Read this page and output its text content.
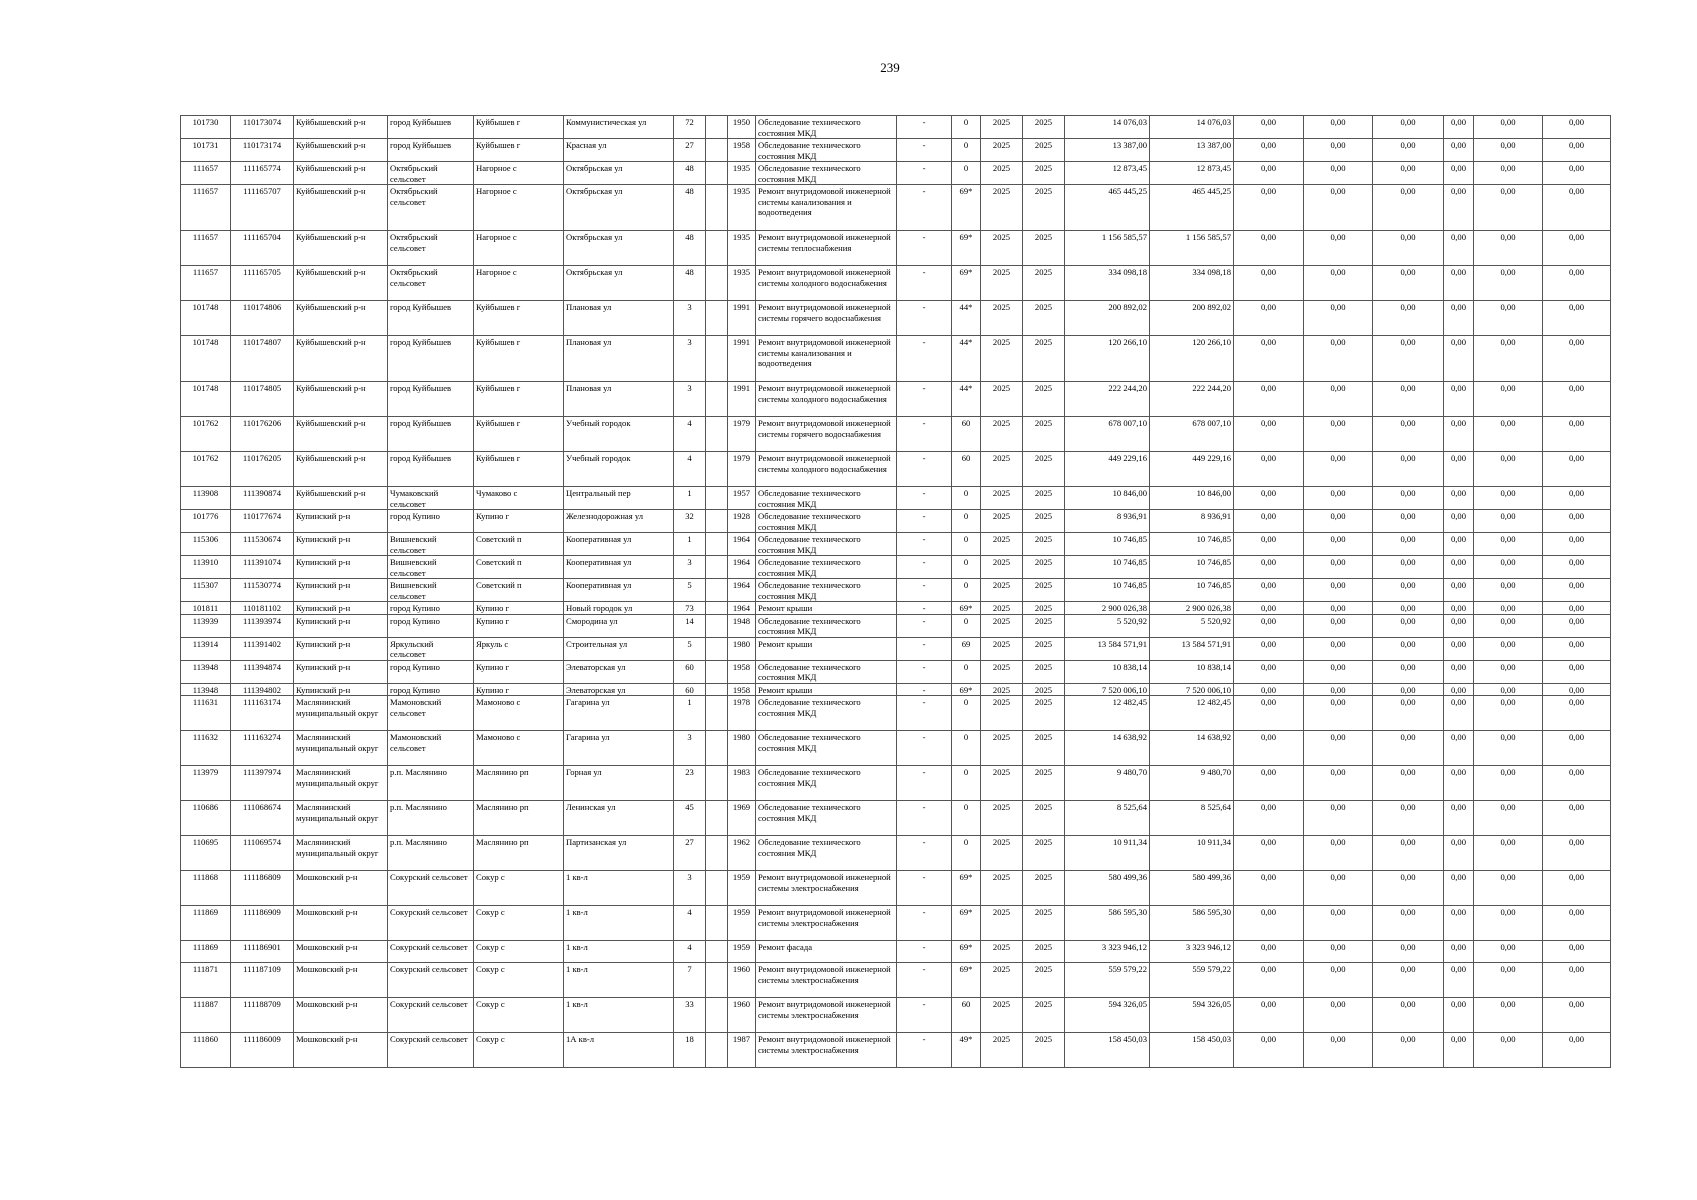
239
101730	110173074	Куйбышевский р-н	город Куйбышев	Куйбышев г	Коммунистическая ул	72		1950	Обследование технического состояния МКД	-	0	2025	2025	14 076,03	14 076,03	0,00	0,00	0,00	0,00	0,00	0,00
101731	110173174	Куйбышевский р-н	город Куйбышев	Куйбышев г	Красная ул	27		1958	Обследование технического состояния МКД	-	0	2025	2025	13 387,00	13 387,00	0,00	0,00	0,00	0,00	0,00	0,00
111657	111165774	Куйбышевский р-н	Октябрьский сельсовет	Нагорное с	Октябрьская ул	48		1935	Обследование технического состояния МКД	-	0	2025	2025	12 873,45	12 873,45	0,00	0,00	0,00	0,00	0,00	0,00
111657	111165707	Куйбышевский р-н	Октябрьский сельсовет	Нагорное с	Октябрьская ул	48		1935	Ремонт внутридомовой инженерной системы канализования и водоотведения	-	69*	2025	2025	465 445,25	465 445,25	0,00	0,00	0,00	0,00	0,00	0,00
111657	111165704	Куйбышевский р-н	Октябрьский сельсовет	Нагорное с	Октябрьская ул	48		1935	Ремонт внутридомовой инженерной системы теплоснабжения	-	69*	2025	2025	1 156 585,57	1 156 585,57	0,00	0,00	0,00	0,00	0,00	0,00
111657	111165705	Куйбышевский р-н	Октябрьский сельсовет	Нагорное с	Октябрьская ул	48		1935	Ремонт внутридомовой инженерной системы холодного водоснабжения	-	69*	2025	2025	334 098,18	334 098,18	0,00	0,00	0,00	0,00	0,00	0,00
101748	110174806	Куйбышевский р-н	город Куйбышев	Куйбышев г	Плановая ул	3		1991	Ремонт внутридомовой инженерной системы горячего водоснабжения	-	44*	2025	2025	200 892,02	200 892,02	0,00	0,00	0,00	0,00	0,00	0,00
101748	110174807	Куйбышевский р-н	город Куйбышев	Куйбышев г	Плановая ул	3		1991	Ремонт внутридомовой инженерной системы канализования и водоотведения	-	44*	2025	2025	120 266,10	120 266,10	0,00	0,00	0,00	0,00	0,00	0,00
101748	110174805	Куйбышевский р-н	город Куйбышев	Куйбышев г	Плановая ул	3		1991	Ремонт внутридомовой инженерной системы холодного водоснабжения	-	44*	2025	2025	222 244,20	222 244,20	0,00	0,00	0,00	0,00	0,00	0,00
101762	110176206	Куйбышевский р-н	город Куйбышев	Куйбышев г	Учебный городок	4		1979	Ремонт внутридомовой инженерной системы горячего водоснабжения	-	60	2025	2025	678 007,10	678 007,10	0,00	0,00	0,00	0,00	0,00	0,00
101762	110176205	Куйбышевский р-н	город Куйбышев	Куйбышев г	Учебный городок	4		1979	Ремонт внутридомовой инженерной системы холодного водоснабжения	-	60	2025	2025	449 229,16	449 229,16	0,00	0,00	0,00	0,00	0,00	0,00
113908	111390874	Куйбышевский р-н	Чумаковский сельсовет	Чумаково с	Центральный пер	1		1957	Обследование технического состояния МКД	-	0	2025	2025	10 846,00	10 846,00	0,00	0,00	0,00	0,00	0,00	0,00
101776	110177674	Купинский р-н	город Купино	Купино г	Железнодорожная ул	32		1928	Обследование технического состояния МКД	-	0	2025	2025	8 936,91	8 936,91	0,00	0,00	0,00	0,00	0,00	0,00
115306	111530674	Купинский р-н	Вишневский сельсовет	Советский п	Кооперативная ул	1		1964	Обследование технического состояния МКД	-	0	2025	2025	10 746,85	10 746,85	0,00	0,00	0,00	0,00	0,00	0,00
113910	111391074	Купинский р-н	Вишневский сельсовет	Советский п	Кооперативная ул	3		1964	Обследование технического состояния МКД	-	0	2025	2025	10 746,85	10 746,85	0,00	0,00	0,00	0,00	0,00	0,00
115307	111530774	Купинский р-н	Вишневский сельсовет	Советский п	Кооперативная ул	5		1964	Обследование технического состояния МКД	-	0	2025	2025	10 746,85	10 746,85	0,00	0,00	0,00	0,00	0,00	0,00
101811	110181102	Купинский р-н	город Купино	Купино г	Новый городок ул	73		1964	Ремонт крыши	-	69*	2025	2025	2 900 026,38	2 900 026,38	0,00	0,00	0,00	0,00	0,00	0,00
113939	111393974	Купинский р-н	город Купино	Купино г	Смородина ул	14		1948	Обследование технического состояния МКД	-	0	2025	2025	5 520,92	5 520,92	0,00	0,00	0,00	0,00	0,00	0,00
113914	111391402	Купинский р-н	Яркульский сельсовет	Яркуль с	Строительная ул	5		1980	Ремонт крыши	-	69	2025	2025	13 584 571,91	13 584 571,91	0,00	0,00	0,00	0,00	0,00	0,00
113948	111394874	Купинский р-н	город Купино	Купино г	Элеваторская ул	60		1958	Обследование технического состояния МКД	-	0	2025	2025	10 838,14	10 838,14	0,00	0,00	0,00	0,00	0,00	0,00
113948	111394802	Купинский р-н	город Купино	Купино г	Элеваторская ул	60		1958	Ремонт крыши	-	69*	2025	2025	7 520 006,10	7 520 006,10	0,00	0,00	0,00	0,00	0,00	0,00
111631	111163174	Маслянинский муниципальный округ	Мамоновский сельсовет	Мамоново с	Гагарина ул	1		1978	Обследование технического состояния МКД	-	0	2025	2025	12 482,45	12 482,45	0,00	0,00	0,00	0,00	0,00	0,00
111632	111163274	Маслянинский муниципальный округ	Мамоновский сельсовет	Мамоново с	Гагарина ул	3		1980	Обследование технического состояния МКД	-	0	2025	2025	14 638,92	14 638,92	0,00	0,00	0,00	0,00	0,00	0,00
113979	111397974	Маслянинский муниципальный округ	р.п. Маслянино	Маслянино рп	Горная ул	23		1983	Обследование технического состояния МКД	-	0	2025	2025	9 480,70	9 480,70	0,00	0,00	0,00	0,00	0,00	0,00
110686	111068674	Маслянинский муниципальный округ	р.п. Маслянино	Маслянино рп	Ленинская ул	45		1969	Обследование технического состояния МКД	-	0	2025	2025	8 525,64	8 525,64	0,00	0,00	0,00	0,00	0,00	0,00
110695	111069574	Маслянинский муниципальный округ	р.п. Маслянино	Маслянино рп	Партизанская ул	27		1962	Обследование технического состояния МКД	-	0	2025	2025	10 911,34	10 911,34	0,00	0,00	0,00	0,00	0,00	0,00
111868	111186809	Мошковский р-н	Сокурский сельсовет	Сокур с	1 кв-л	3		1959	Ремонт внутридомовой инженерной системы электроснабжения	-	69*	2025	2025	580 499,36	580 499,36	0,00	0,00	0,00	0,00	0,00	0,00
111869	111186909	Мошковский р-н	Сокурский сельсовет	Сокур с	1 кв-л	4		1959	Ремонт внутридомовой инженерной системы электроснабжения	-	69*	2025	2025	586 595,30	586 595,30	0,00	0,00	0,00	0,00	0,00	0,00
111869	111186901	Мошковский р-н	Сокурский сельсовет	Сокур с	1 кв-л	4		1959	Ремонт фасада	-	69*	2025	2025	3 323 946,12	3 323 946,12	0,00	0,00	0,00	0,00	0,00	0,00
111871	111187109	Мошковский р-н	Сокурский сельсовет	Сокур с	1 кв-л	7		1960	Ремонт внутридомовой инженерной системы электроснабжения	-	69*	2025	2025	559 579,22	559 579,22	0,00	0,00	0,00	0,00	0,00	0,00
111887	111188709	Мошковский р-н	Сокурский сельсовет	Сокур с	1 кв-л	33		1960	Ремонт внутридомовой инженерной системы электроснабжения	-	60	2025	2025	594 326,05	594 326,05	0,00	0,00	0,00	0,00	0,00	0,00
111860	111186009	Мошковский р-н	Сокурский сельсовет	Сокур с	1А кв-л	18		1987	Ремонт внутридомовой инженерной системы электроснабжения	-	49*	2025	2025	158 450,03	158 450,03	0,00	0,00	0,00	0,00	0,00	0,00
